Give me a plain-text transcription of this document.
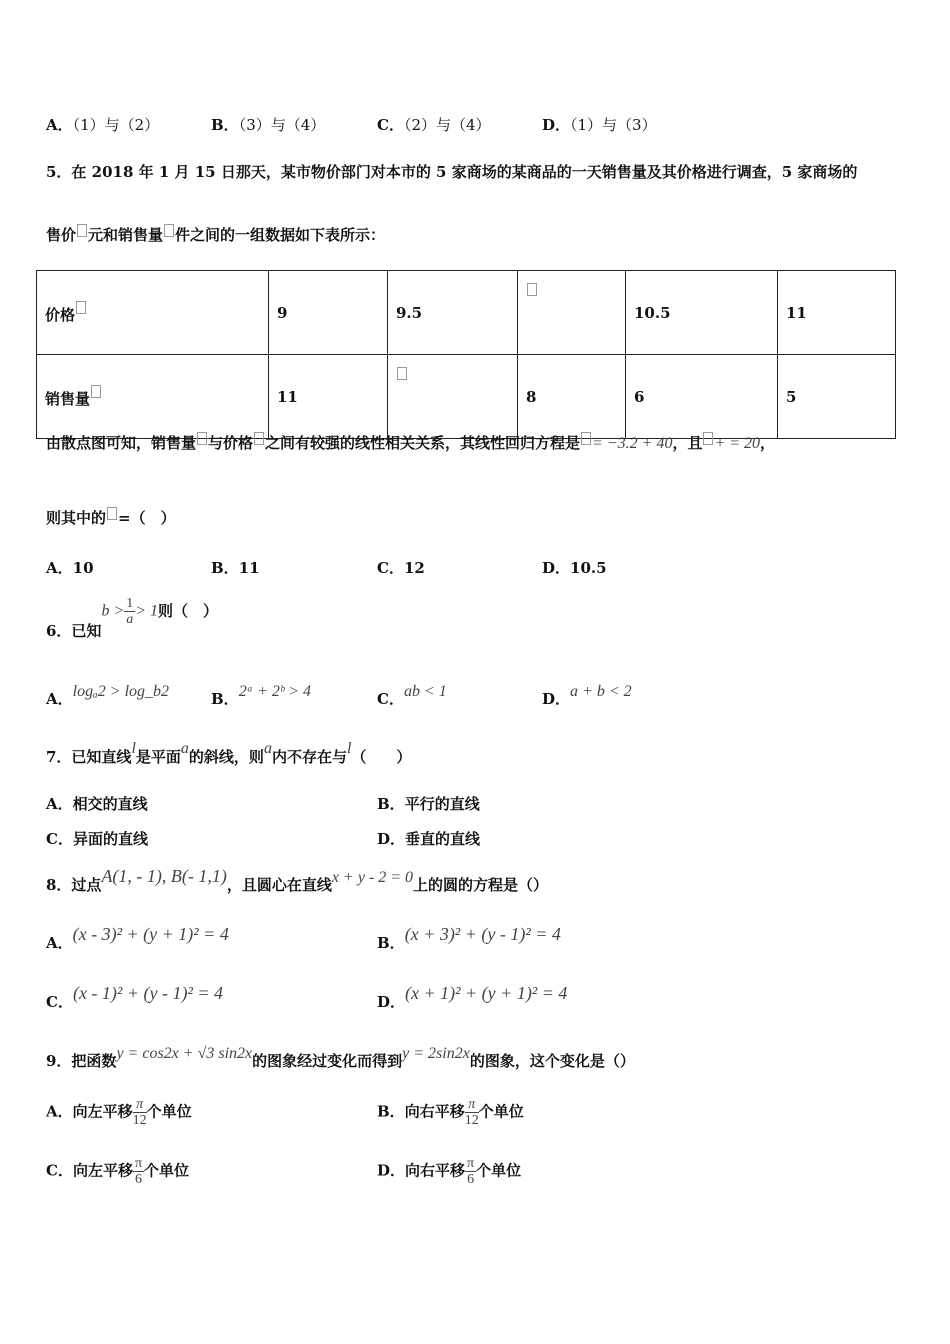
A．（1）与（2）	B．（3）与（4）	C．（2）与（4）	D．（1）与（3）
5．在 2018 年 1 月 15 日那天，某市物价部门对本市的 5 家商场的某商品的一天销售量及其价格进行调查，5 家商场的
售价 元和销售量 件之间的一组数据如下表所示：
价格	9	9.5		10.5	11
销售量	11		8	6	5
由散点图可知，销售量 与价格 之间有较强的线性相关关系，其线性回归方程是 = −3.2 + 40，且 + = 20，
则其中的 =（　）
A．10	B．11	C．12	D．10.5
6．已知$b > \frac{1}{a} > 1$则（　）
A．logₐ2 > log_b2	B．2ᵃ + 2ᵇ > 4	C．ab < 1	D．a + b < 2
7．已知直线l是平面a的斜线，则a内不存在与l（　　）
A．相交的直线	B．平行的直线
C．异面的直线	D．垂直的直线
8．过点A(1, - 1), B(- 1,1)，且圆心在直线x + y - 2 = 0上的圆的方程是（）
A．(x - 3)² + (y + 1)² = 4	B．(x + 3)² + (y - 1)² = 4
C．(x - 1)² + (y - 1)² = 4	D．(x + 1)² + (y + 1)² = 4
9．把函数y = cos2x + √3 sin2x的图象经过变化而得到y = 2sin2x的图象，这个变化是（）
A．向左平移 $\frac{\pi}{12}$ 个单位	B．向右平移 $\frac{\pi}{12}$ 个单位
C．向左平移 $\frac{\pi}{6}$ 个单位	D．向右平移 $\frac{\pi}{6}$ 个单位
